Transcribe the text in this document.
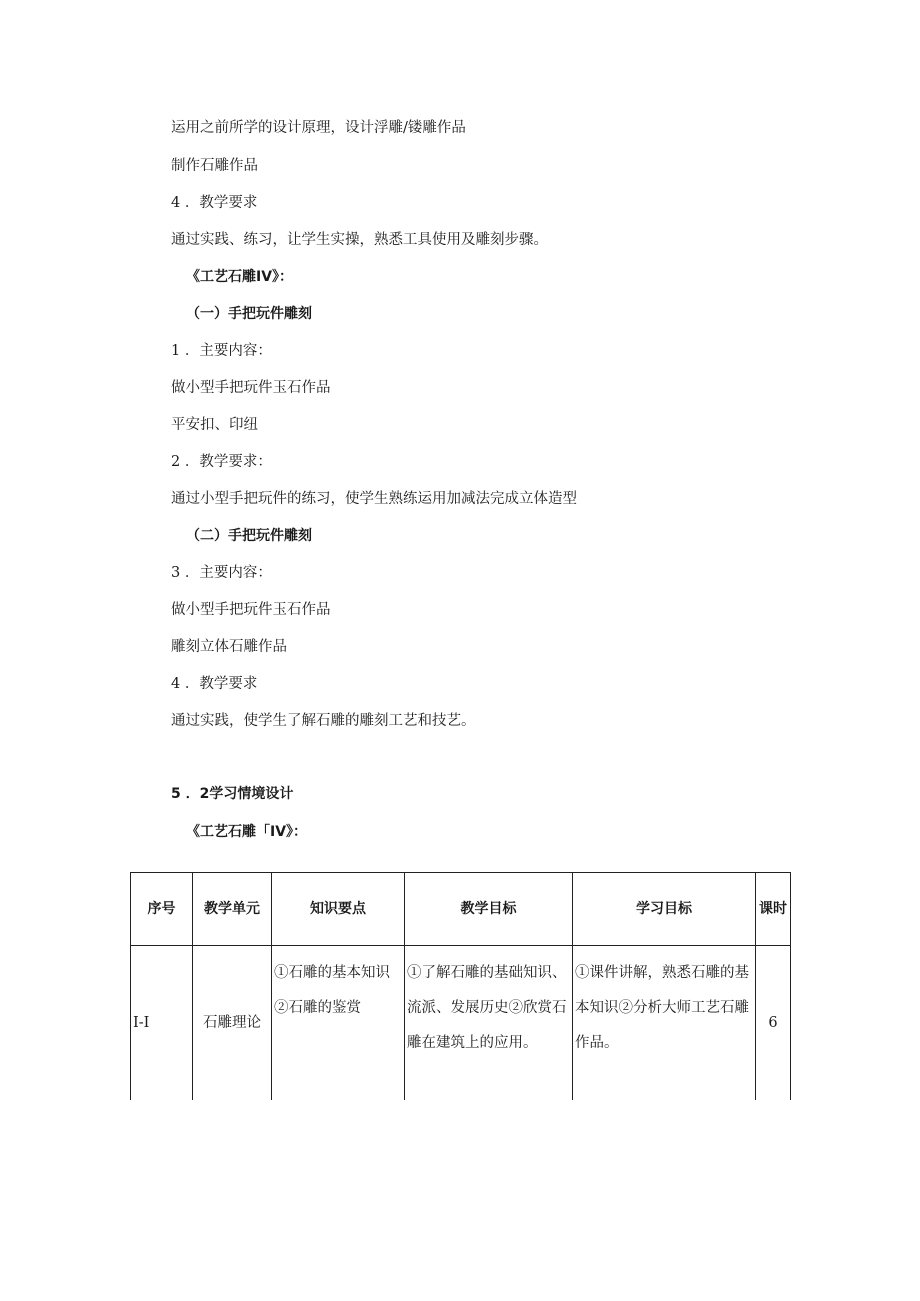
运用之前所学的设计原理，设计浮雕/镂雕作品
制作石雕作品
4 ．教学要求
通过实践、练习，让学生实操，熟悉工具使用及雕刻步骤。
《工艺石雕IV》：
（一）手把玩件雕刻
1 ．主要内容：
做小型手把玩件玉石作品
平安扣、印纽
2 ．教学要求：
通过小型手把玩件的练习，使学生熟练运用加减法完成立体造型
（二）手把玩件雕刻
3 ．主要内容：
做小型手把玩件玉石作品
雕刻立体石雕作品
4 ．教学要求
通过实践，使学生了解石雕的雕刻工艺和技艺。
5 ．2学习情境设计
《工艺石雕「IV》：
序号	教学单元	知识要点	教学目标	学习目标	课时
I-I	石雕理论	①石雕的基本知识②石雕的鉴赏	①了解石雕的基础知识、流派、发展历史②欣赏石雕在建筑上的应用。	①课件讲解，熟悉石雕的基本知识②分析大师工艺石雕作品。	6
